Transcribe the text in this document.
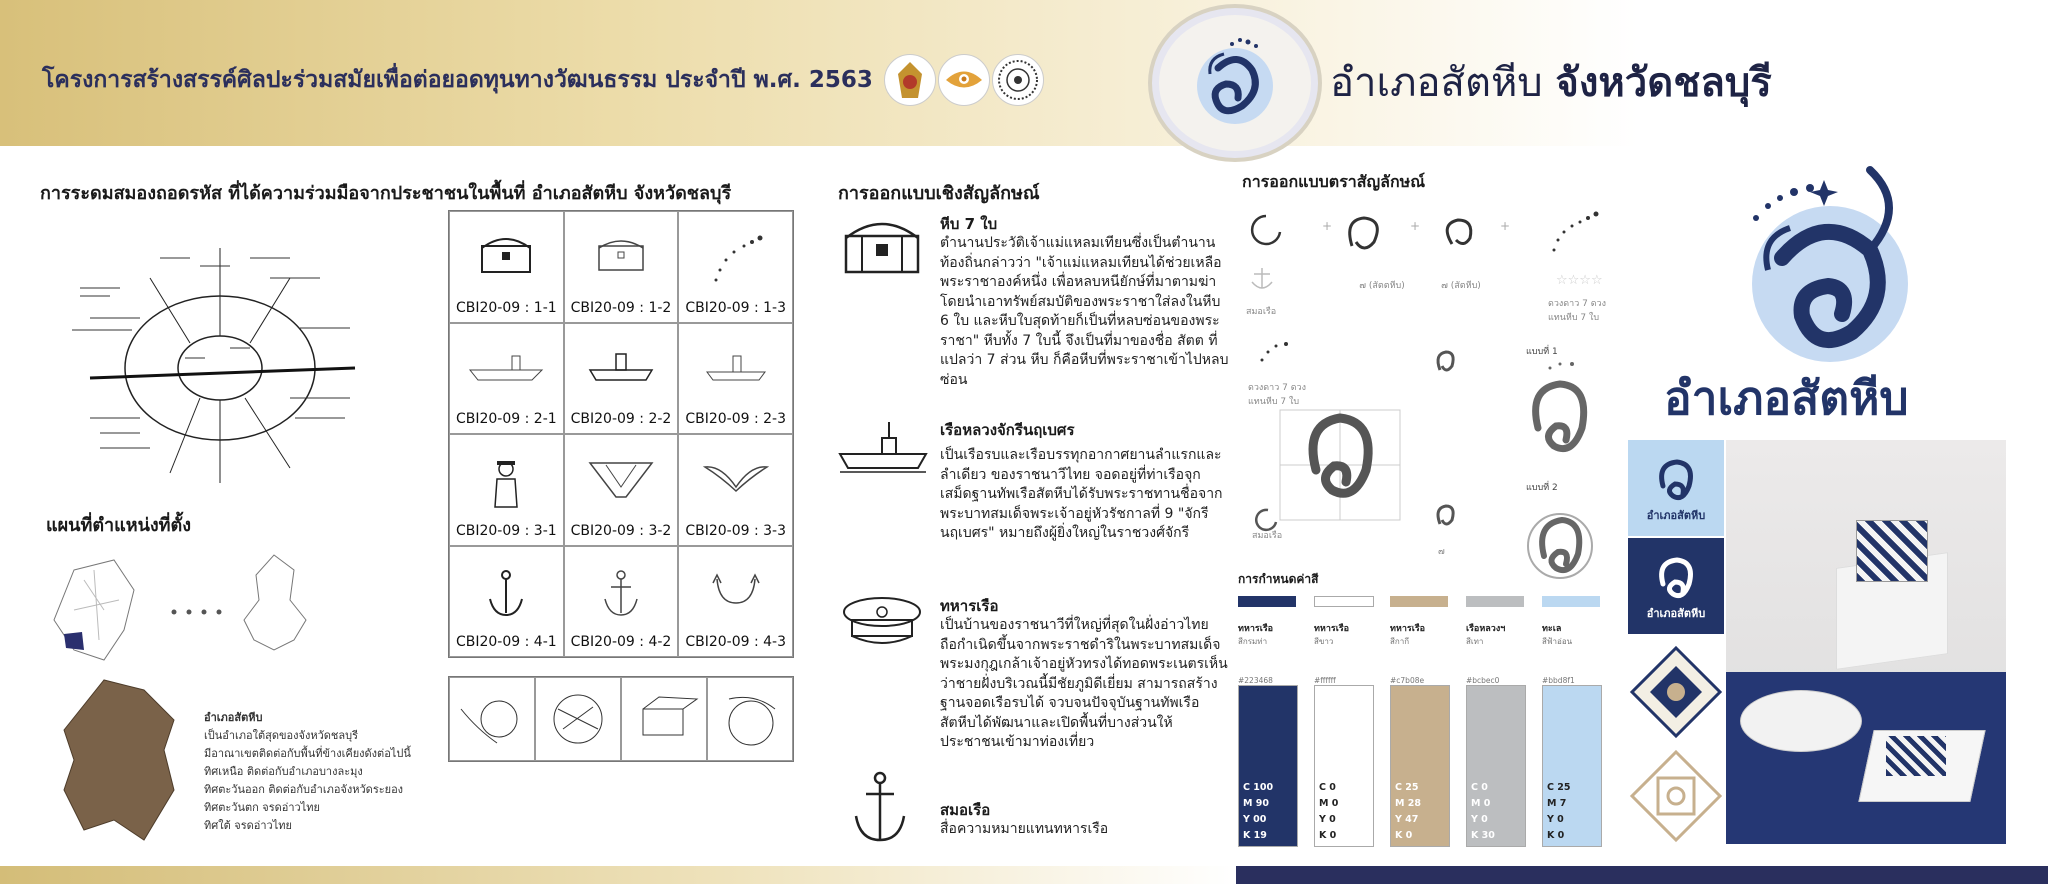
โครงการสร้างสรรค์ศิลปะร่วมสมัยเพื่อต่อยอดทุนทางวัฒนธรรม ประจำปี พ.ศ. 2563	อำเภอสัตหีบ จังหวัดชลบุรี
การระดมสมองถอดรหัส ที่ได้ความร่วมมือจากประชาชนในพื้นที่ อำเภอสัตหีบ จังหวัดชลบุรี
แผนที่ตำแหน่งที่ตั้ง
อำเภอสัตหีบ
เป็นอำเภอใต้สุดของจังหวัดชลบุรี
มีอาณาเขตติดต่อกับพื้นที่ข้างเคียงดังต่อไปนี้
ทิศเหนือ ติดต่อกับอำเภอบางละมุง
ทิศตะวันออก ติดต่อกับอำเภอจังหวัดระยอง
ทิศตะวันตก จรดอ่าวไทย
ทิศใต้ จรดอ่าวไทย
CBI20-09 : 1-1 CBI20-09 : 1-2 CBI20-09 : 1-3
CBI20-09 : 2-1 CBI20-09 : 2-2 CBI20-09 : 2-3
CBI20-09 : 3-1 CBI20-09 : 3-2 CBI20-09 : 3-3
CBI20-09 : 4-1 CBI20-09 : 4-2 CBI20-09 : 4-3
การออกแบบเชิงสัญลักษณ์
หีบ 7 ใบ
ตำนานประวัติเจ้าแม่แหลมเทียนซึ่งเป็นตำนานท้องถิ่นกล่าวว่า "เจ้าแม่แหลมเทียนได้ช่วยเหลือพระราชาองค์หนึ่ง เพื่อหลบหนียักษ์ที่มาตามฆ่าโดยนำเอาทรัพย์สมบัติของพระราชาใส่ลงในหีบ 6 ใบ และหีบใบสุดท้ายก็เป็นที่หลบซ่อนของพระราชา" หีบทั้ง 7 ใบนี้ จึงเป็นที่มาของชื่อ สัตต ที่แปลว่า 7 ส่วน หีบ ก็คือหีบที่พระราชาเข้าไปหลบซ่อน
เรือหลวงจักรีนฤเบศร
เป็นเรือรบและเรือบรรทุกอากาศยานลำแรกและลำเดียว ของราชนาวีไทย จอดอยู่ที่ท่าเรือจุกเสม็ดฐานทัพเรือสัตหีบได้รับพระราชทานชื่อจากพระบาทสมเด็จพระเจ้าอยู่หัวรัชกาลที่ 9 "จักรีนฤเบศร" หมายถึงผู้ยิ่งใหญ่ในราชวงศ์จักรี
ทหารเรือ
เป็นบ้านของราชนาวีที่ใหญ่ที่สุดในฝั่งอ่าวไทย ถือกำเนิดขึ้นจากพระราชดำริในพระบาทสมเด็จพระมงกุฎเกล้าเจ้าอยู่หัวทรงได้ทอดพระเนตรเห็นว่าชายฝั่งบริเวณนี้มีชัยภูมิดีเยี่ยม สามารถสร้างฐานจอดเรือรบได้ จวบจนปัจจุบันฐานทัพเรือสัตหีบได้พัฒนาและเปิดพื้นที่บางส่วนให้ประชาชนเข้ามาท่องเที่ยว
สมอเรือ
สื่อความหมายแทนทหารเรือ
การออกแบบตราสัญลักษณ์
+	+	+
☆☆☆☆
สมอเรือ
๗ (สัตตหีบ)	๗ (สัตหีบ)
ดวงดาว 7 ดวง แทนหีบ 7 ใบ
ดวงดาว 7 ดวง แทนหีบ 7 ใบ
สมอเรือ
๗
แบบที่ 1
แบบที่ 2
อำเภอสัตหีบ
อำเภอสัตหีบ
อำเภอสัตหีบ
การกำหนดค่าสี
ทหารเรือ
สีกรมท่า
#223468
C 100
M 90
Y 00
K 19
ทหารเรือ
สีขาว
#ffffff
C 0
M 0
Y 0
K 0
ทหารเรือ
สีกากี
#c7b08e
C 25
M 28
Y 47
K 0
เรือหลวงฯ
สีเทา
#bcbec0
C 0
M 0
Y 0
K 30
ทะเล
สีฟ้าอ่อน
#bbd8f1
C 25
M 7
Y 0
K 0
